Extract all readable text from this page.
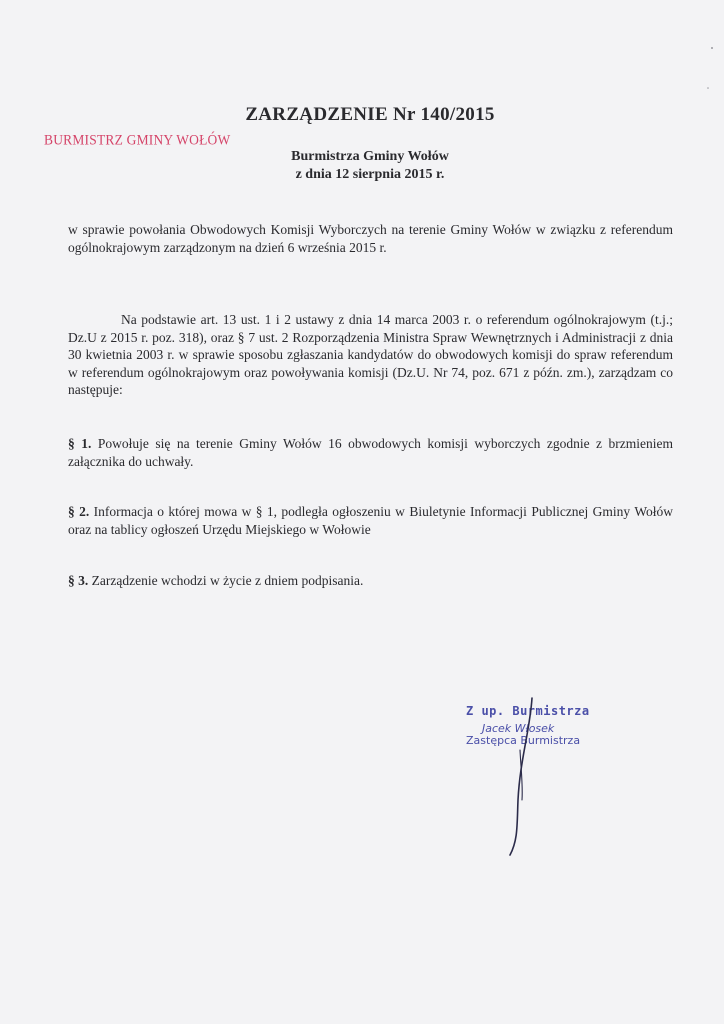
BURMISTRZ GMINY WOŁÓW
ZARZĄDZENIE Nr 140/2015
Burmistrza Gminy Wołów
z dnia 12 sierpnia 2015 r.
w sprawie powołania Obwodowych Komisji Wyborczych na terenie Gminy Wołów w związku z referendum ogólnokrajowym zarządzonym na dzień 6 września 2015 r.
Na podstawie art. 13 ust. 1 i 2 ustawy z dnia 14 marca 2003 r. o referendum ogólnokrajowym (t.j.; Dz.U z 2015 r. poz. 318), oraz § 7 ust. 2 Rozporządzenia Ministra Spraw Wewnętrznych i Administracji z dnia 30 kwietnia 2003 r. w sprawie sposobu zgłaszania kandydatów do obwodowych komisji do spraw referendum w referendum ogólnokrajowym oraz powoływania komisji (Dz.U. Nr 74, poz. 671 z późn. zm.), zarządzam co następuje:
§ 1. Powołuje się na terenie Gminy Wołów 16 obwodowych komisji wyborczych zgodnie z brzmieniem załącznika do uchwały.
§ 2. Informacja o której mowa w § 1, podległa ogłoszeniu w Biuletynie Informacji Publicznej Gminy Wołów oraz na tablicy ogłoszeń Urzędu Miejskiego w Wołowie
§ 3. Zarządzenie wchodzi w życie z dniem podpisania.
Z up. Burmistrza
Jacek Włosek
Zastępca Burmistrza
